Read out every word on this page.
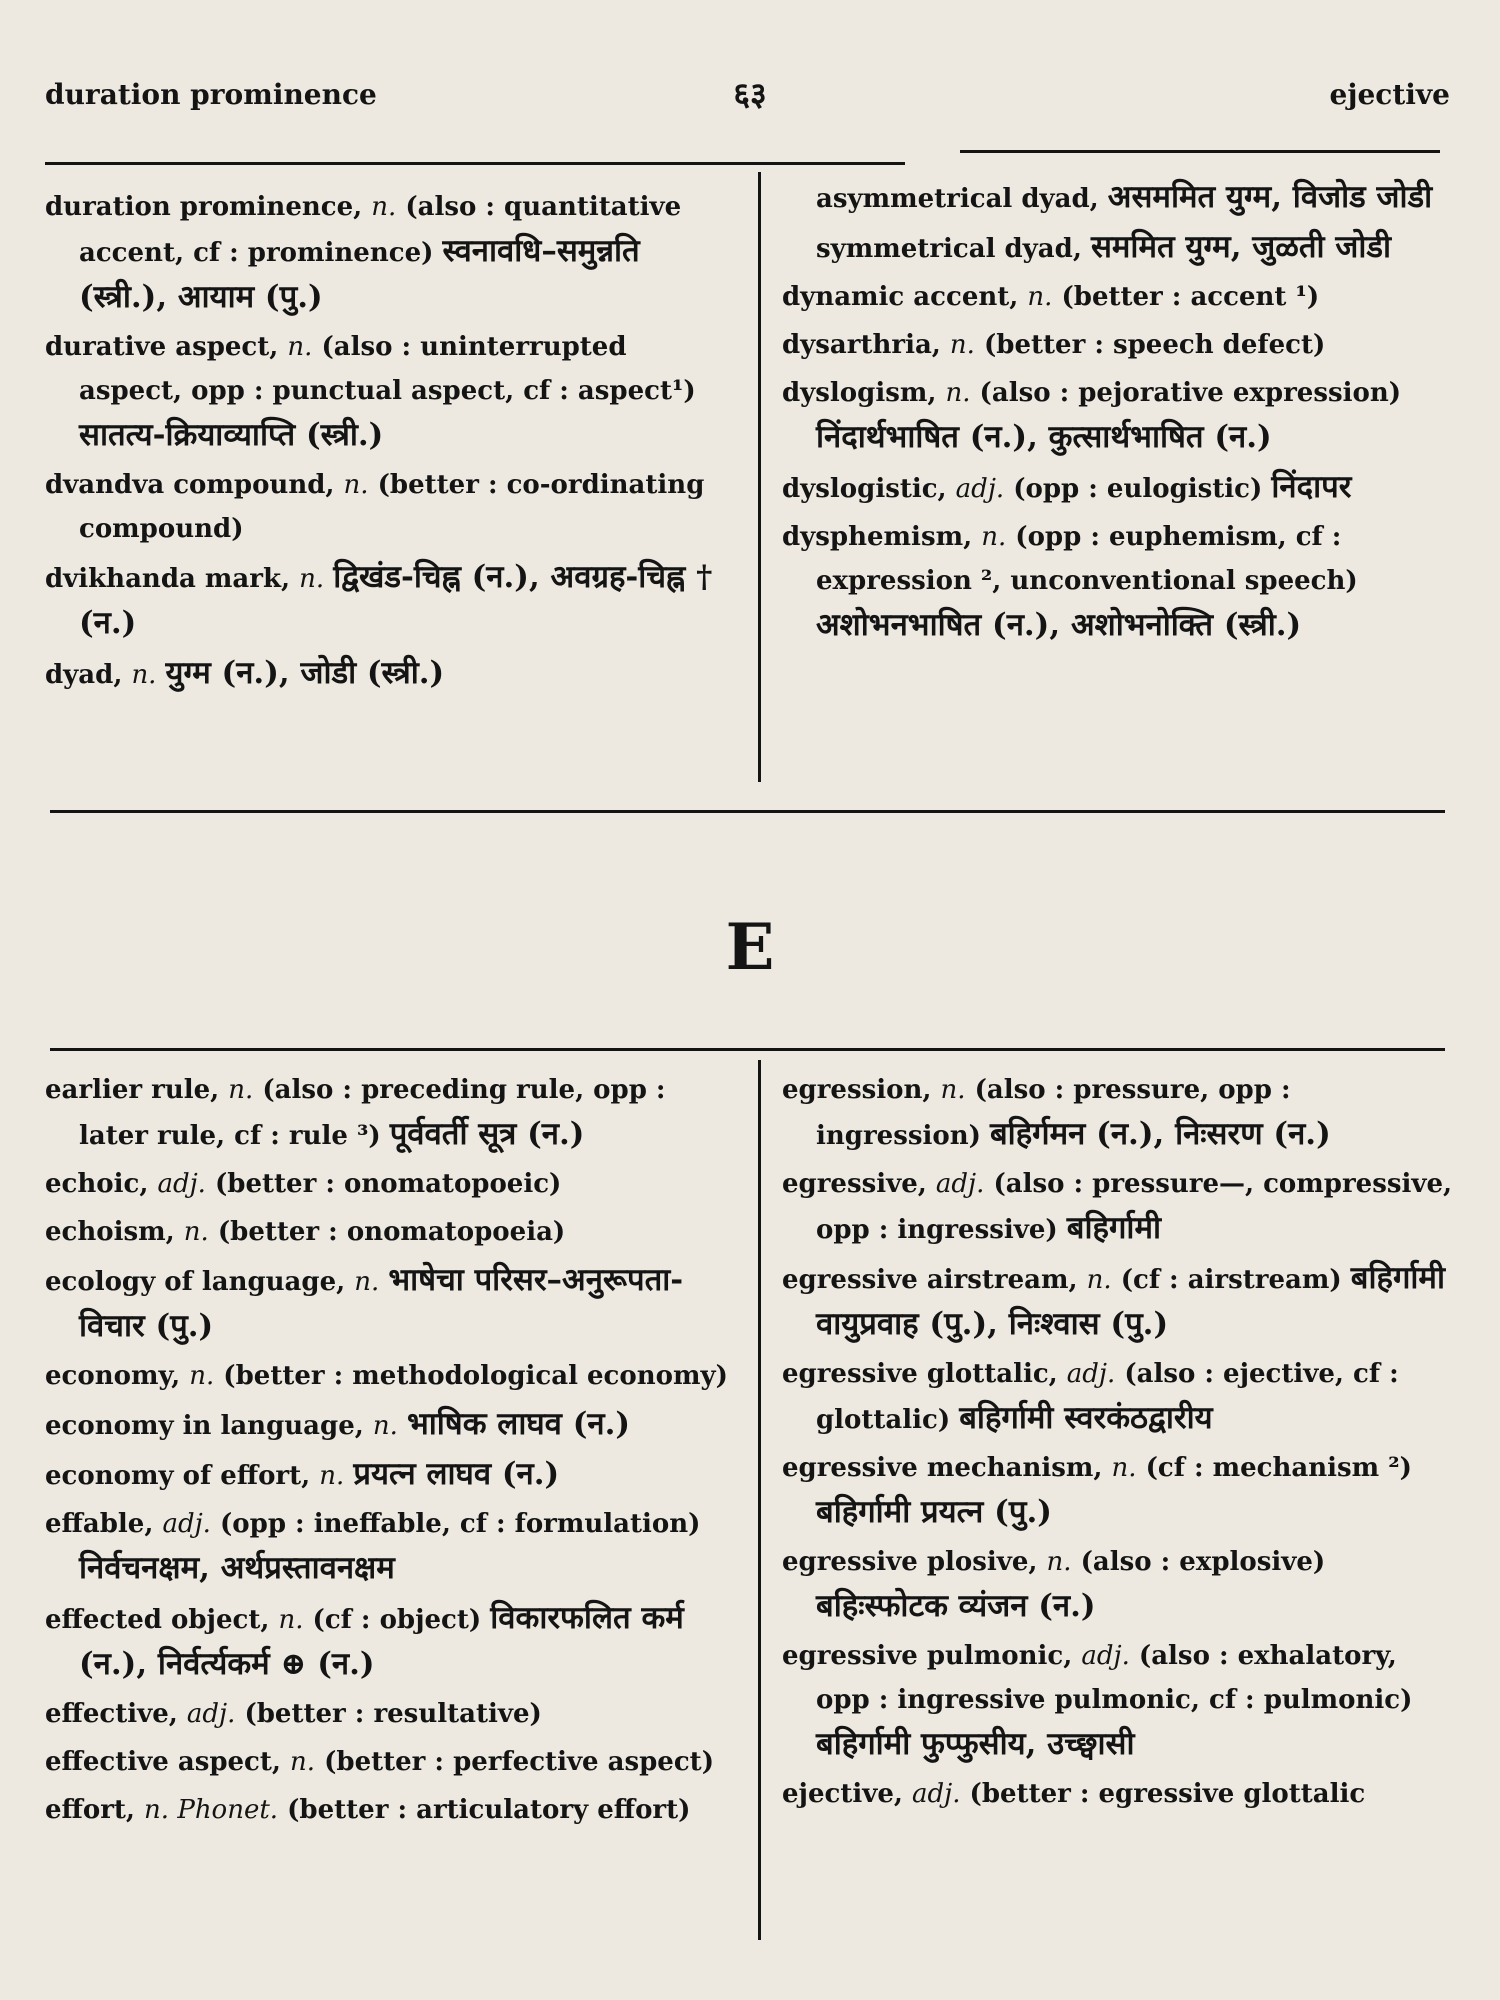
duration prominence	६३	ejective
duration prominence, n. (also : quantitative accent, cf : prominence) स्वनावधि–समुन्नति (स्त्री.), आयाम (पु.)
durative aspect, n. (also : uninterrupted aspect, opp : punctual aspect, cf : aspect¹) सातत्य-क्रियाव्याप्ति (स्त्री.)
dvandva compound, n. (better : co-ordinating compound)
dvikhanda mark, n. द्विखंड-चिह्न (न.), अवग्रह-चिह्न † (न.)
dyad, n. युग्म (न.), जोडी (स्त्री.)
asymmetrical dyad, असममित युग्म, विजोड जोडी
symmetrical dyad, सममित युग्म, जुळती जोडी
dynamic accent, n. (better : accent ¹)
dysarthria, n. (better : speech defect)
dyslogism, n. (also : pejorative expression) निंदार्थभाषित (न.), कुत्सार्थभाषित (न.)
dyslogistic, adj. (opp : eulogistic) निंदापर
dysphemism, n. (opp : euphemism, cf : expression ², unconventional speech) अशोभनभाषित (न.), अशोभनोक्ति (स्त्री.)
E
earlier rule, n. (also : preceding rule, opp : later rule, cf : rule ³) पूर्ववर्ती सूत्र (न.)
echoic, adj. (better : onomatopoeic)
echoism, n. (better : onomatopoeia)
ecology of language, n. भाषेचा परिसर–अनुरूपता-विचार (पु.)
economy, n. (better : methodological economy)
economy in language, n. भाषिक लाघव (न.)
economy of effort, n. प्रयत्न लाघव (न.)
effable, adj. (opp : ineffable, cf : formulation) निर्वचनक्षम, अर्थप्रस्तावनक्षम
effected object, n. (cf : object) विकारफलित कर्म (न.), निर्वर्त्यकर्म ⊕ (न.)
effective, adj. (better : resultative)
effective aspect, n. (better : perfective aspect)
effort, n. Phonet. (better : articulatory effort)
egression, n. (also : pressure, opp : ingression) बहिर्गमन (न.), निःसरण (न.)
egressive, adj. (also : pressure—, compressive, opp : ingressive) बहिर्गामी
egressive airstream, n. (cf : airstream) बहिर्गामी वायुप्रवाह (पु.), निःश्वास (पु.)
egressive glottalic, adj. (also : ejective, cf : glottalic) बहिर्गामी स्वरकंठद्वारीय
egressive mechanism, n. (cf : mechanism ²) बहिर्गामी प्रयत्न (पु.)
egressive plosive, n. (also : explosive) बहिःस्फोटक व्यंजन (न.)
egressive pulmonic, adj. (also : exhalatory, opp : ingressive pulmonic, cf : pulmonic) बहिर्गामी फुप्फुसीय, उच्छ्वासी
ejective, adj. (better : egressive glottalic
